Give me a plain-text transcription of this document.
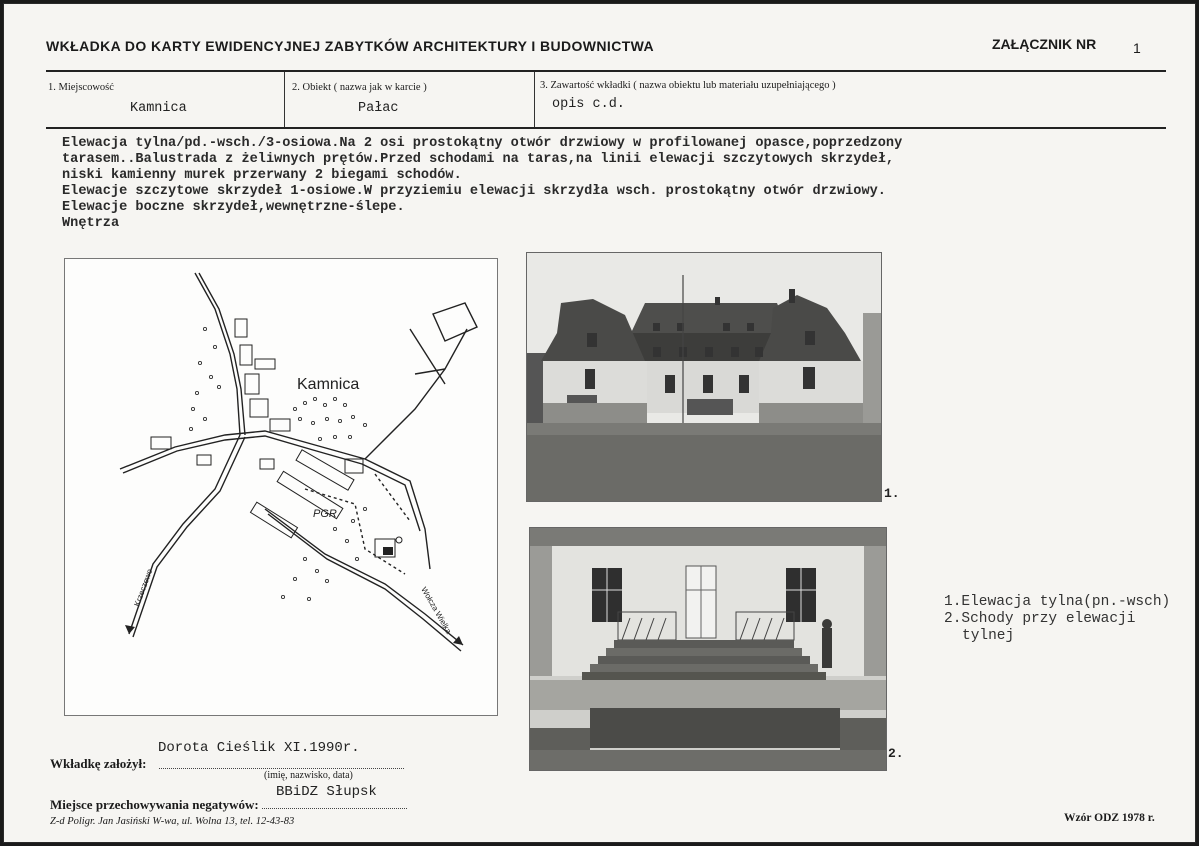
WKŁADKA DO KARTY EWIDENCYJNEJ ZABYTKÓW ARCHITEKTURY I BUDOWNICTWA	ZAŁĄCZNIK NR	1
1. Miejscowość
Kamnica
2. Obiekt ( nazwa jak w karcie )
Pałac
3. Zawartość wkładki ( nazwa obiektu lub materiału uzupełniającego )
opis c.d.
Elewacja tylna/pd.-wsch./3-osiowa.Na 2 osi prostokątny otwór drzwiowy w profilowanej opasce,poprzedzony
tarasem..Balustrada z żeliwnych prętów.Przed schodami na taras,na linii elewacji szczytowych skrzydeł,
niski kamienny murek przerwany 2 biegami schodów.
Elewacje szczytowe skrzydeł 1-osiowe.W przyziemiu elewacji skrzydła wsch. prostokątny otwór drzwiowy.
Elewacje boczne skrzydeł,wewnętrzne-ślepe.
Wnętrza
Kamnica
PGR
Krzeczewo	Wołcza Wielka
1.
2.
1.Elewacja tylna(pn.-wsch)
2.Schody przy elewacji
tylnej
Dorota Cieślik XI.1990r.
Wkładkę założył:
(imię, nazwisko, data)
BBiDZ Słupsk
Miejsce przechowywania negatywów:
Z-d Poligr. Jan Jasiński W-wa, ul. Wolna 13, tel. 12-43-83	Wzór ODZ 1978 r.
